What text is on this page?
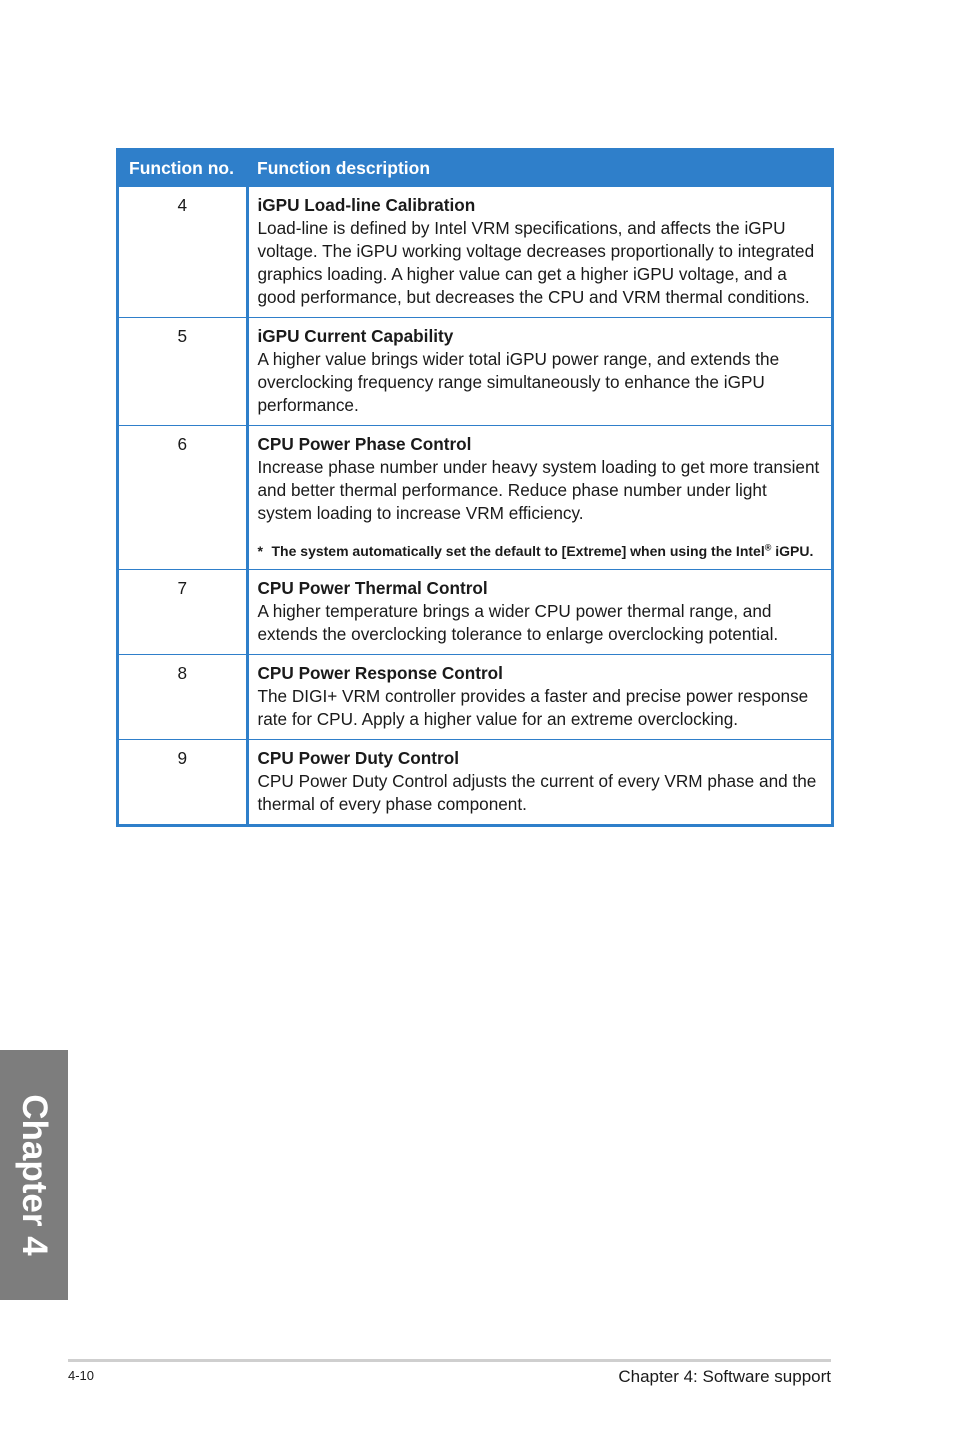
Function no.	Function description
4	iGPU Load-line Calibration
Load-line is defined by Intel VRM specifications, and affects the iGPU voltage. The iGPU working voltage decreases proportionally to integrated graphics loading. A higher value can get a higher iGPU voltage, and a good performance, but decreases the CPU and VRM thermal conditions.

5	iGPU Current Capability
A higher value brings wider total iGPU power range, and extends the overclocking frequency range simultaneously to enhance the iGPU performance.

6	CPU Power Phase Control
Increase phase number under heavy system loading to get more transient and better thermal performance. Reduce phase number under light system loading to increase VRM efficiency.
* The system automatically set the default to [Extreme] when using the Intel® iGPU.

7	CPU Power Thermal Control
A higher temperature brings a wider CPU power thermal range, and extends the overclocking tolerance to enlarge overclocking potential.

8	CPU Power Response Control
The DIGI+ VRM controller provides a faster and precise power response rate for CPU. Apply a higher value for an extreme overclocking.

9	CPU Power Duty Control
CPU Power Duty Control adjusts the current of every VRM phase and the thermal of every phase component.
Chapter 4
4-10	Chapter 4: Software support
